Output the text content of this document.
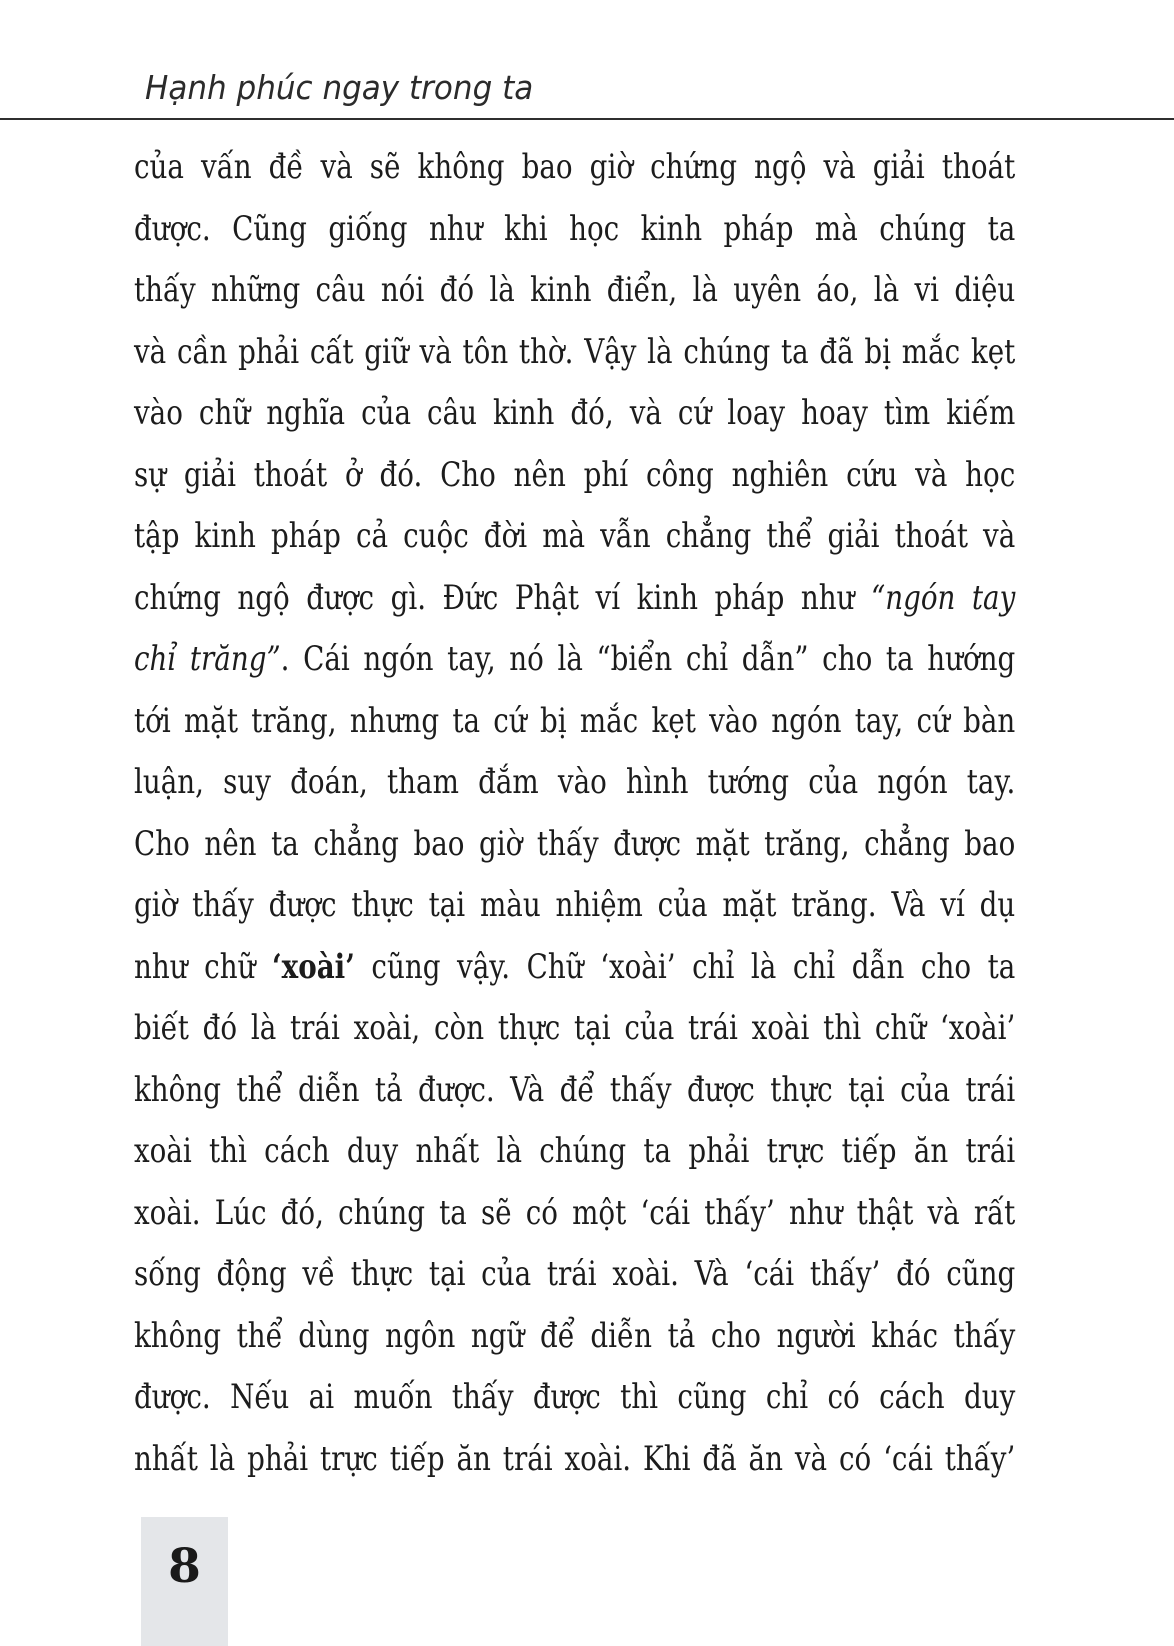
Hạnh phúc ngay trong ta
của vấn đề và sẽ không bao giờ chứng ngộ và giải thoát
được. Cũng giống như khi học kinh pháp mà chúng ta
thấy những câu nói đó là kinh điển, là uyên áo, là vi diệu
và cần phải cất giữ và tôn thờ. Vậy là chúng ta đã bị mắc kẹt
vào chữ nghĩa của câu kinh đó, và cứ loay hoay tìm kiếm
sự giải thoát ở đó. Cho nên phí công nghiên cứu và học
tập kinh pháp cả cuộc đời mà vẫn chẳng thể giải thoát và
chứng ngộ được gì. Đức Phật ví kinh pháp như “ngón tay
chỉ trăng”. Cái ngón tay, nó là “biển chỉ dẫn” cho ta hướng
tới mặt trăng, nhưng ta cứ bị mắc kẹt vào ngón tay, cứ bàn
luận, suy đoán, tham đắm vào hình tướng của ngón tay.
Cho nên ta chẳng bao giờ thấy được mặt trăng, chẳng bao
giờ thấy được thực tại màu nhiệm của mặt trăng. Và ví dụ
như chữ ‘xoài’ cũng vậy. Chữ ‘xoài’ chỉ là chỉ dẫn cho ta
biết đó là trái xoài, còn thực tại của trái xoài thì chữ ‘xoài’
không thể diễn tả được. Và để thấy được thực tại của trái
xoài thì cách duy nhất là chúng ta phải trực tiếp ăn trái
xoài. Lúc đó, chúng ta sẽ có một ‘cái thấy’ như thật và rất
sống động về thực tại của trái xoài. Và ‘cái thấy’ đó cũng
không thể dùng ngôn ngữ để diễn tả cho người khác thấy
được. Nếu ai muốn thấy được thì cũng chỉ có cách duy
nhất là phải trực tiếp ăn trái xoài. Khi đã ăn và có ‘cái thấy’
8
